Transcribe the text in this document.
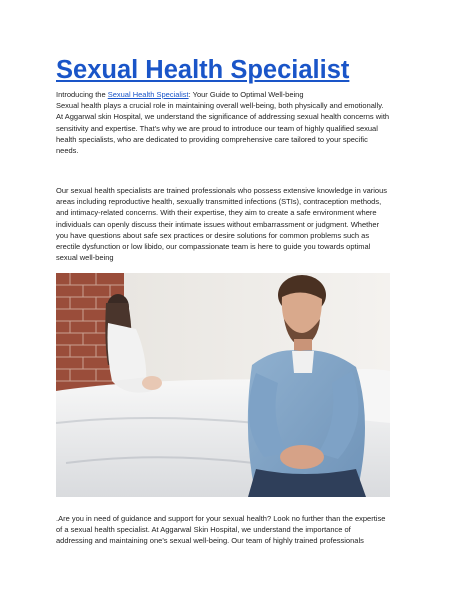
Sexual Health Specialist
Introducing the Sexual Health Specialist: Your Guide to Optimal Well-being
Sexual health plays a crucial role in maintaining overall well-being, both physically and emotionally.
At Aggarwal skin Hospital, we understand the significance of addressing sexual health concerns with
sensitivity and expertise. That's why we are proud to introduce our team of highly qualified sexual
health specialists, who are dedicated to providing comprehensive care tailored to your specific
needs.
Our sexual health specialists are trained professionals who possess extensive knowledge in various
areas including reproductive health, sexually transmitted infections (STIs), contraception methods,
and intimacy-related concerns. With their expertise, they aim to create a safe environment where
individuals can openly discuss their intimate issues without embarrassment or judgment. Whether
you have questions about safe sex practices or desire solutions for common problems such as
erectile dysfunction or low libido, our compassionate team is here to guide you towards optimal
sexual well-being
.Are you in need of guidance and support for your sexual health? Look no further than the expertise
of a sexual health specialist. At Aggarwal Skin Hospital, we understand the importance of
addressing and maintaining one's sexual well-being. Our team of highly trained professionals
